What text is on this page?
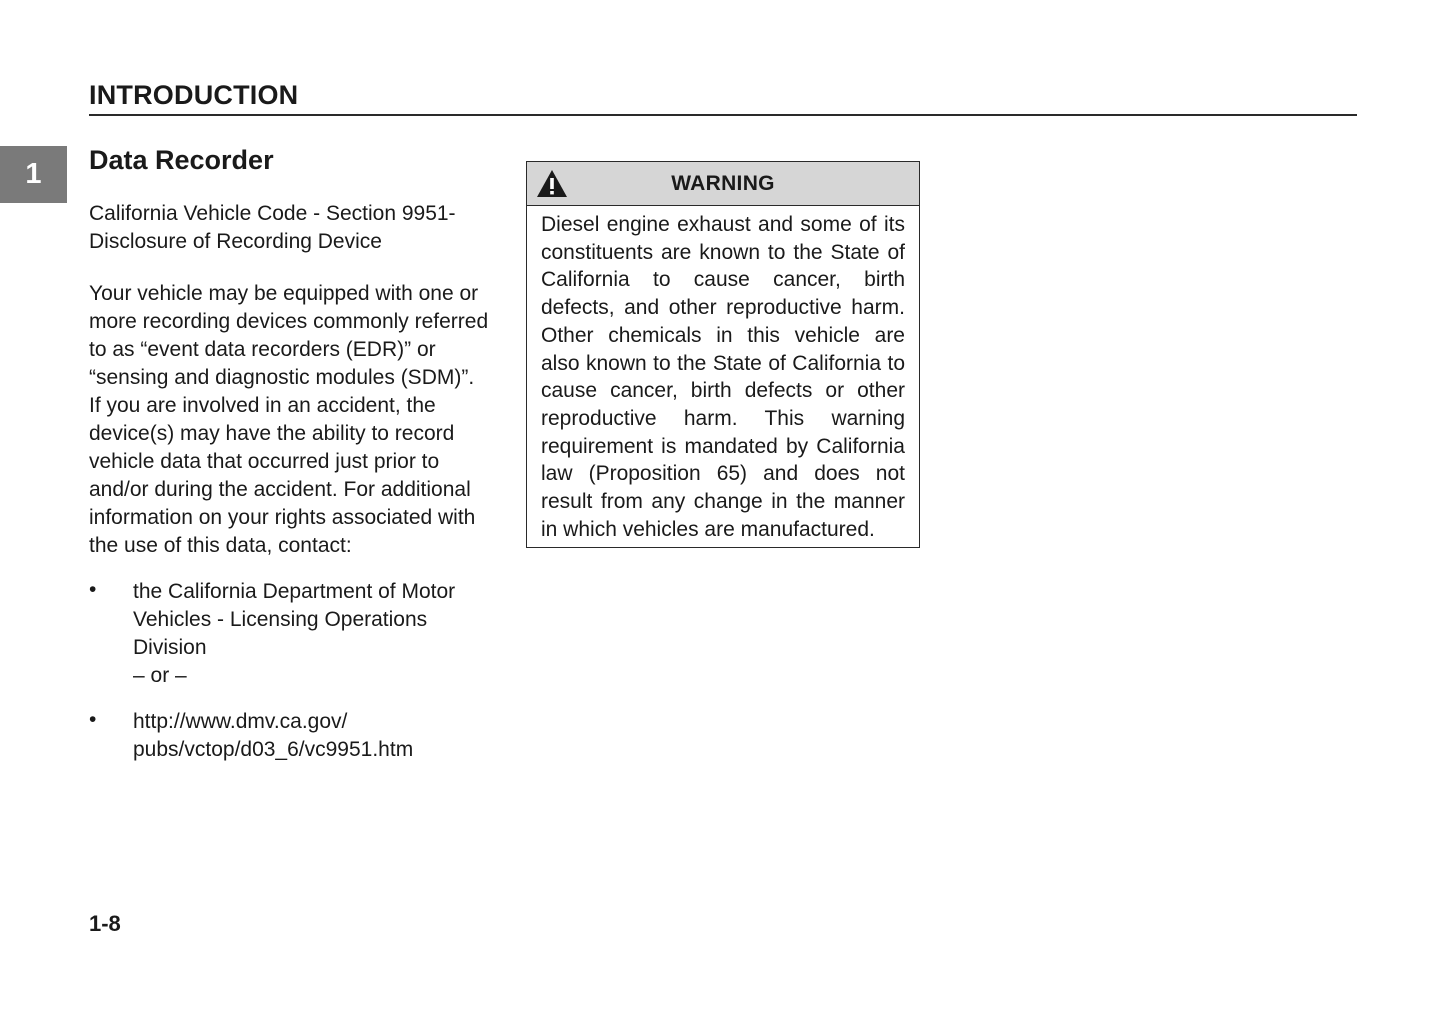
INTRODUCTION
1 Data Recorder

California Vehicle Code - Section 9951- Disclosure of Recording Device

Your vehicle may be equipped with one or more recording devices commonly referred to as “event data recorders (EDR)” or “sensing and diagnostic modules (SDM)”. If you are involved in an accident, the device(s) may have the ability to record vehicle data that occurred just prior to and/or during the accident. For additional information on your rights associated with the use of this data, contact:

• the California Department of Motor Vehicles - Licensing Operations Division
– or –
• http://www.dmv.ca.gov/ pubs/vctop/d03_6/vc9951.htm
WARNING
Diesel engine exhaust and some of its constituents are known to the State of California to cause cancer, birth defects, and other reproductive harm. Other chemicals in this vehicle are also known to the State of California to cause cancer, birth defects or other reproductive harm. This warning requirement is mandated by California law (Proposition 65) and does not result from any change in the manner in which vehicles are manufactured.

1-8
